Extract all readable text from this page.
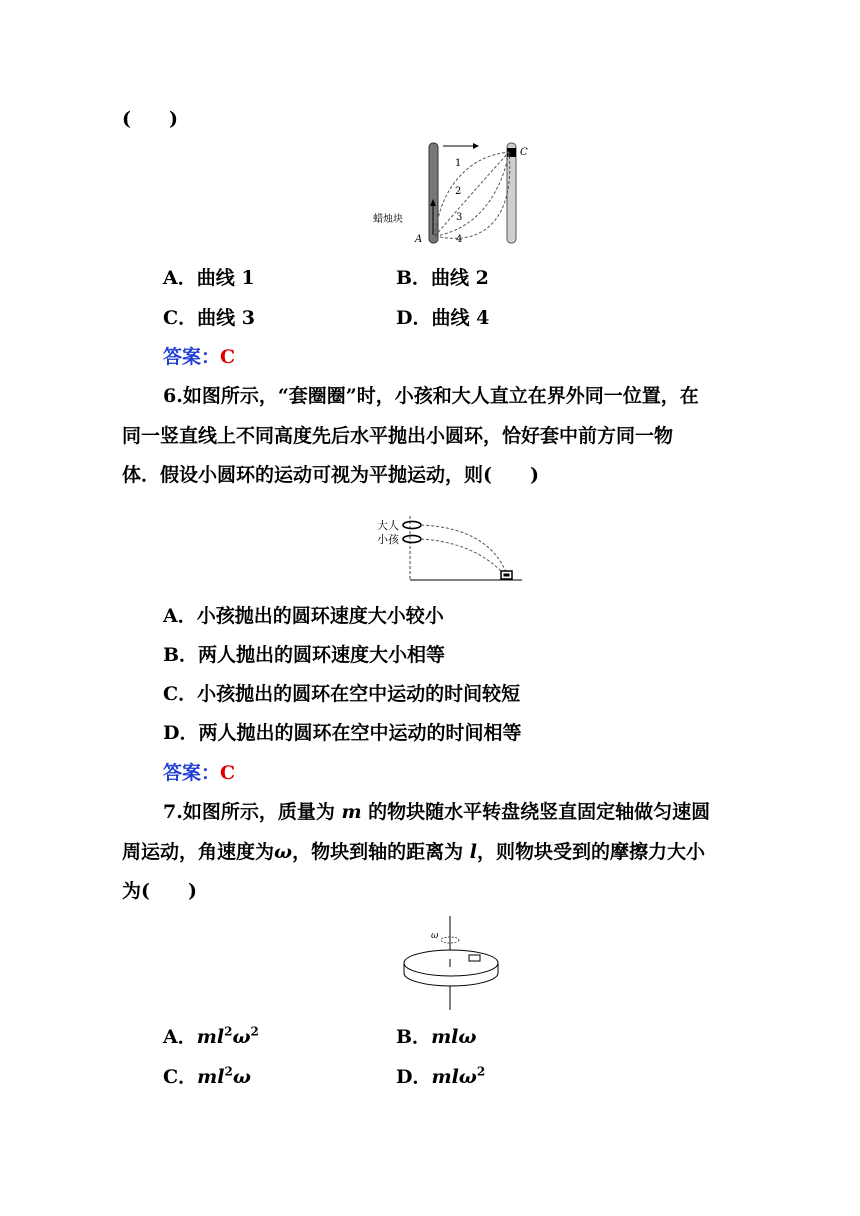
(　　)
1
2
3
4
C
A
蜡烛块
A．曲线 1	B．曲线 2
C．曲线 3	D．曲线 4
答案：C
6.如图所示，“套圈圈”时，小孩和大人直立在界外同一位置，在
同一竖直线上不同高度先后水平抛出小圆环，恰好套中前方同一物
体．假设小圆环的运动可视为平抛运动，则(　　)
大人
小孩
A．小孩抛出的圆环速度大小较小
B．两人抛出的圆环速度大小相等
C．小孩抛出的圆环在空中运动的时间较短
D．两人抛出的圆环在空中运动的时间相等
答案：C
7.如图所示，质量为 m 的物块随水平转盘绕竖直固定轴做匀速圆
周运动，角速度为ω，物块到轴的距离为 l，则物块受到的摩擦力大小
为(　　)
ω
A．$ml^2\omega^2$	B．mlω
C．$ml^2\omega$	D．mlω$^2$
